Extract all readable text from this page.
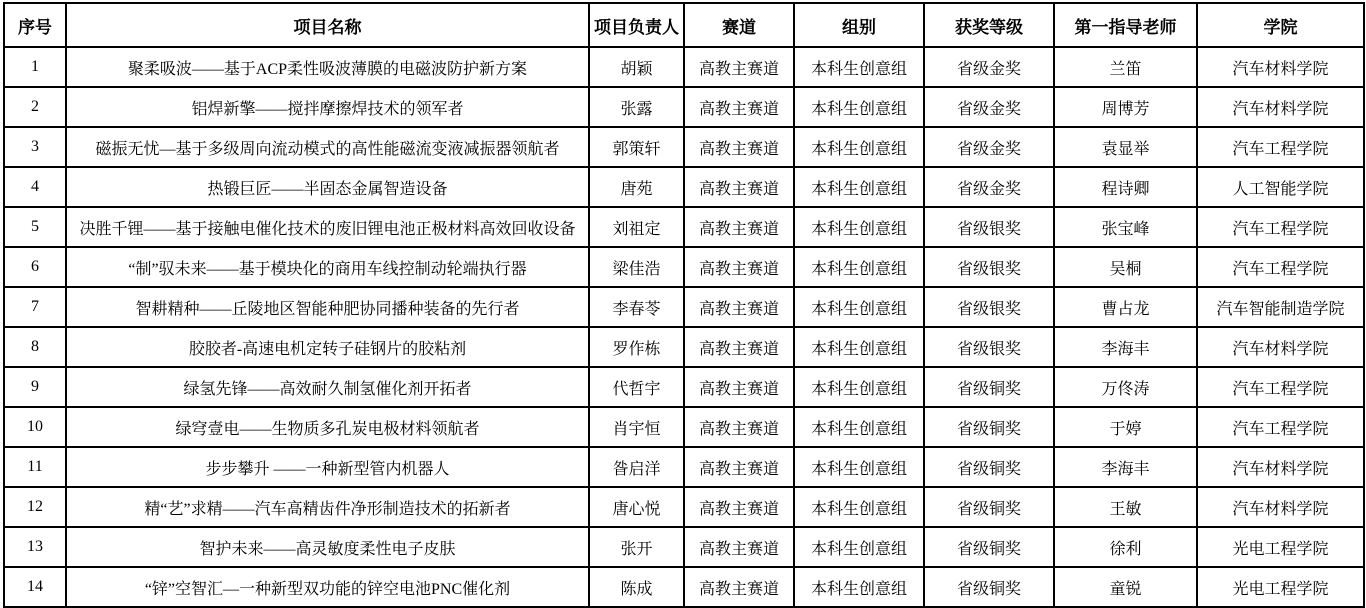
序号	项目名称	项目负责人	赛道	组别	获奖等级	第一指导老师	学院
1	聚柔吸波——基于ACP柔性吸波薄膜的电磁波防护新方案	胡颖	高教主赛道	本科生创意组	省级金奖	兰笛	汽车材料学院
2	铝焊新擎——搅拌摩擦焊技术的领军者	张露	高教主赛道	本科生创意组	省级金奖	周博芳	汽车材料学院
3	磁振无忧—基于多级周向流动模式的高性能磁流变液减振器领航者	郭策轩	高教主赛道	本科生创意组	省级金奖	袁显举	汽车工程学院
4	热锻巨匠——半固态金属智造设备	唐苑	高教主赛道	本科生创意组	省级金奖	程诗卿	人工智能学院
5	决胜千锂——基于接触电催化技术的废旧锂电池正极材料高效回收设备	刘祖定	高教主赛道	本科生创意组	省级银奖	张宝峰	汽车工程学院
6	“制”驭未来——基于模块化的商用车线控制动轮端执行器	梁佳浩	高教主赛道	本科生创意组	省级银奖	吴桐	汽车工程学院
7	智耕精种——丘陵地区智能种肥协同播种装备的先行者	李春苓	高教主赛道	本科生创意组	省级银奖	曹占龙	汽车智能制造学院
8	胶胶者-高速电机定转子硅钢片的胶粘剂	罗作栋	高教主赛道	本科生创意组	省级银奖	李海丰	汽车材料学院
9	绿氢先锋——高效耐久制氢催化剂开拓者	代哲宇	高教主赛道	本科生创意组	省级铜奖	万佟涛	汽车工程学院
10	绿穹壹电——生物质多孔炭电极材料领航者	肖宇恒	高教主赛道	本科生创意组	省级铜奖	于婷	汽车工程学院
11	步步攀升 ——一种新型管内机器人	昝启洋	高教主赛道	本科生创意组	省级铜奖	李海丰	汽车材料学院
12	精“艺”求精——汽车高精齿件净形制造技术的拓新者	唐心悦	高教主赛道	本科生创意组	省级铜奖	王敏	汽车材料学院
13	智护未来——高灵敏度柔性电子皮肤	张开	高教主赛道	本科生创意组	省级铜奖	徐利	光电工程学院
14	“锌”空智汇—一种新型双功能的锌空电池PNC催化剂	陈成	高教主赛道	本科生创意组	省级铜奖	童锐	光电工程学院
